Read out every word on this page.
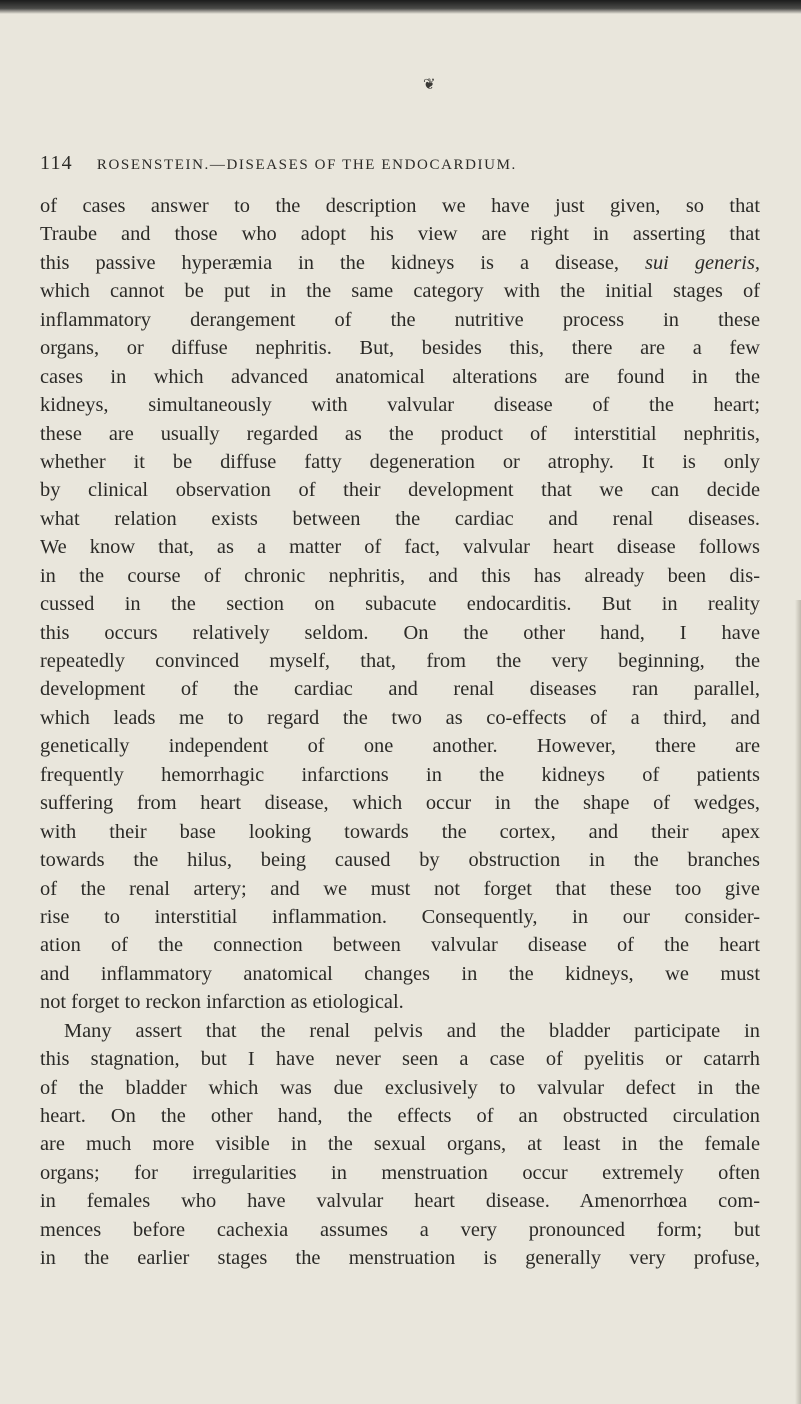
❦
114 ROSENSTEIN.—DISEASES OF THE ENDOCARDIUM.
of cases answer to the description we have just given, so that
Traube and those who adopt his view are right in asserting that
this passive hyperæmia in the kidneys is a disease, sui generis,
which cannot be put in the same category with the initial stages of
inflammatory derangement of the nutritive process in these
organs, or diffuse nephritis. But, besides this, there are a few
cases in which advanced anatomical alterations are found in the
kidneys, simultaneously with valvular disease of the heart;
these are usually regarded as the product of interstitial nephritis,
whether it be diffuse fatty degeneration or atrophy. It is only
by clinical observation of their development that we can decide
what relation exists between the cardiac and renal diseases.
We know that, as a matter of fact, valvular heart disease follows
in the course of chronic nephritis, and this has already been dis-
cussed in the section on subacute endocarditis. But in reality
this occurs relatively seldom. On the other hand, I have
repeatedly convinced myself, that, from the very beginning, the
development of the cardiac and renal diseases ran parallel,
which leads me to regard the two as co-effects of a third, and
genetically independent of one another. However, there are
frequently hemorrhagic infarctions in the kidneys of patients
suffering from heart disease, which occur in the shape of wedges,
with their base looking towards the cortex, and their apex
towards the hilus, being caused by obstruction in the branches
of the renal artery; and we must not forget that these too give
rise to interstitial inflammation. Consequently, in our consider-
ation of the connection between valvular disease of the heart
and inflammatory anatomical changes in the kidneys, we must
not forget to reckon infarction as etiological.
Many assert that the renal pelvis and the bladder participate in
this stagnation, but I have never seen a case of pyelitis or catarrh
of the bladder which was due exclusively to valvular defect in the
heart. On the other hand, the effects of an obstructed circulation
are much more visible in the sexual organs, at least in the female
organs; for irregularities in menstruation occur extremely often
in females who have valvular heart disease. Amenorrhœa com-
mences before cachexia assumes a very pronounced form; but
in the earlier stages the menstruation is generally very profuse,
